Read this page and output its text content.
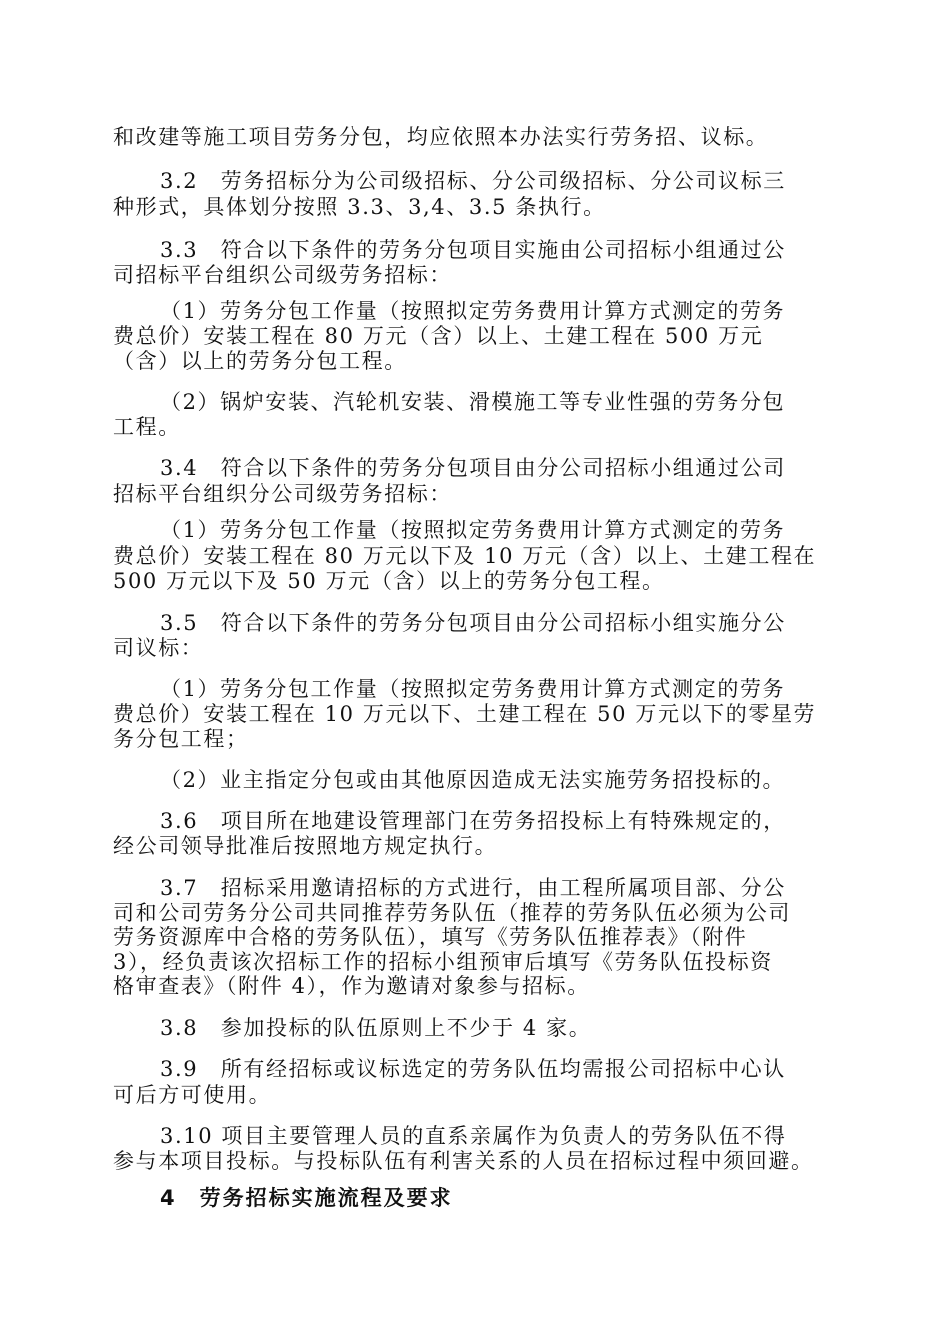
和改建等施工项目劳务分包，均应依照本办法实行劳务招、议标。
3.2　劳务招标分为公司级招标、分公司级招标、分公司议标三
种形式，具体划分按照 3.3、3,4、3.5 条执行。
3.3　符合以下条件的劳务分包项目实施由公司招标小组通过公
司招标平台组织公司级劳务招标：
（1）劳务分包工作量（按照拟定劳务费用计算方式测定的劳务
费总价）安装工程在 80 万元（含）以上、土建工程在 500 万元
（含）以上的劳务分包工程。
（2）锅炉安装、汽轮机安装、滑模施工等专业性强的劳务分包
工程。
3.4　符合以下条件的劳务分包项目由分公司招标小组通过公司
招标平台组织分公司级劳务招标：
（1）劳务分包工作量（按照拟定劳务费用计算方式测定的劳务
费总价）安装工程在 80 万元以下及 10 万元（含）以上、土建工程在
500 万元以下及 50 万元（含）以上的劳务分包工程。
3.5　符合以下条件的劳务分包项目由分公司招标小组实施分公
司议标：
（1）劳务分包工作量（按照拟定劳务费用计算方式测定的劳务
费总价）安装工程在 10 万元以下、土建工程在 50 万元以下的零星劳
务分包工程；
（2）业主指定分包或由其他原因造成无法实施劳务招投标的。
3.6　项目所在地建设管理部门在劳务招投标上有特殊规定的，
经公司领导批准后按照地方规定执行。
3.7　招标采用邀请招标的方式进行，由工程所属项目部、分公
司和公司劳务分公司共同推荐劳务队伍（推荐的劳务队伍必须为公司
劳务资源库中合格的劳务队伍），填写《劳务队伍推荐表》（附件
3），经负责该次招标工作的招标小组预审后填写《劳务队伍投标资
格审查表》（附件 4），作为邀请对象参与招标。
3.8　参加投标的队伍原则上不少于 4 家。
3.9　所有经招标或议标选定的劳务队伍均需报公司招标中心认
可后方可使用。
3.10 项目主要管理人员的直系亲属作为负责人的劳务队伍不得
参与本项目投标。与投标队伍有利害关系的人员在招标过程中须回避。
4　劳务招标实施流程及要求
